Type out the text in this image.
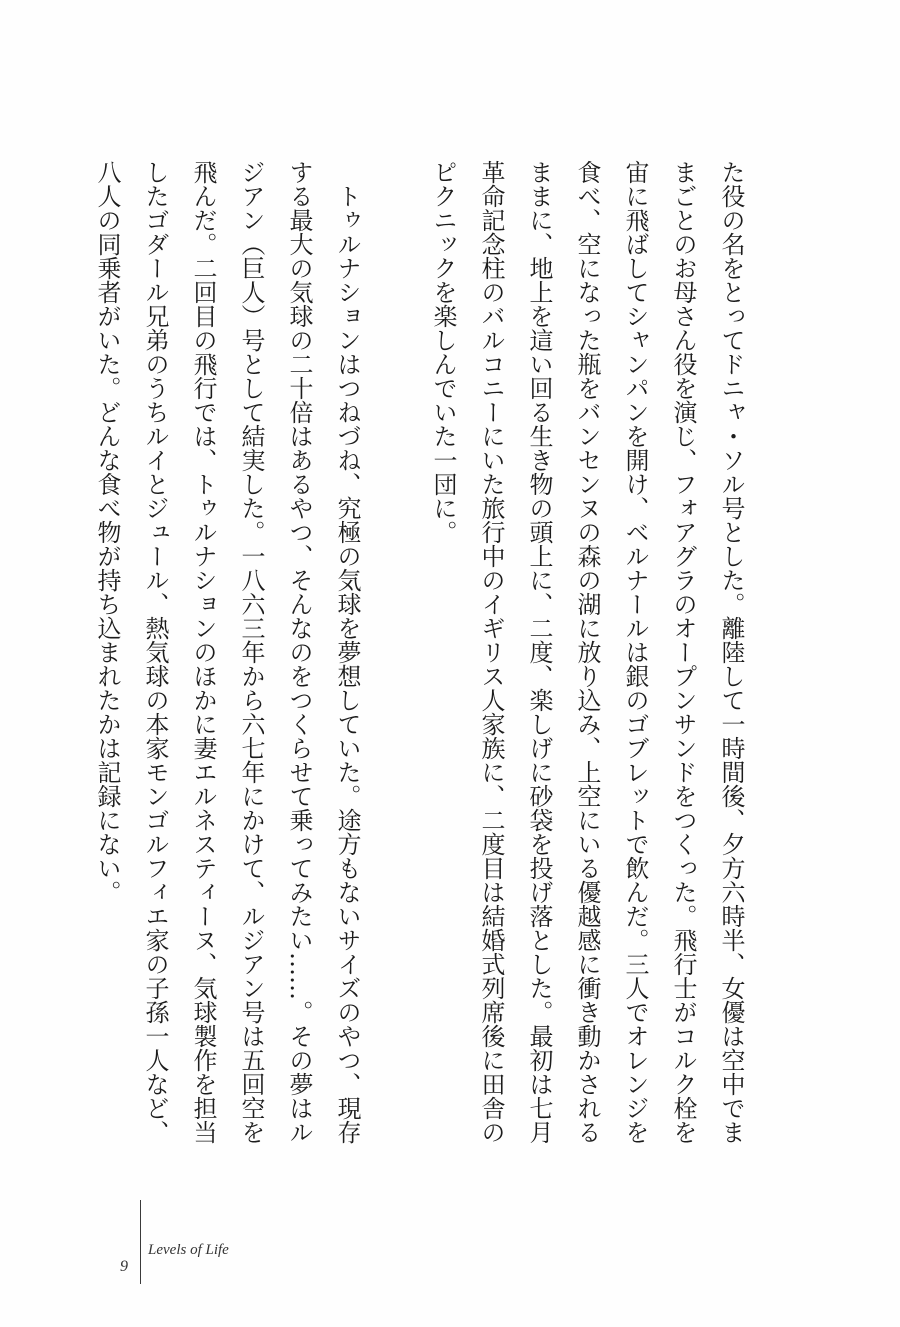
た役の名をとってドニャ・ソル号とした。離陸して一時間後、夕方六時半、女優は空中でままごとのお母さん役を演じ、フォアグラのオープンサンドをつくった。飛行士がコルク栓を宙に飛ばしてシャンパンを開け、ベルナールは銀のゴブレットで飲んだ。三人でオレンジを食べ、空になった瓶をバンセンヌの森の湖に放り込み、上空にいる優越感に衝き動かされるままに、地上を這い回る生き物の頭上に、二度、楽しげに砂袋を投げ落とした。最初は七月革命記念柱のバルコニーにいた旅行中のイギリス人家族に、二度目は結婚式列席後に田舎のピクニックを楽しんでいた一団に。

トゥルナションはつねづね、究極の気球を夢想していた。途方もないサイズのやつ、現存する最大の気球の二十倍はあるやつ、そんなのをつくらせて乗ってみたい……。その夢はルジアン（巨人）号として結実した。一八六三年から六七年にかけて、ルジアン号は五回空を飛んだ。二回目の飛行では、トゥルナションのほかに妻エルネスティーヌ、気球製作を担当したゴダール兄弟のうちルイとジュール、熱気球の本家モンゴルフィエ家の子孫一人など、八人の同乗者がいた。どんな食べ物が持ち込まれたかは記録にない。

9
Levels of Life
